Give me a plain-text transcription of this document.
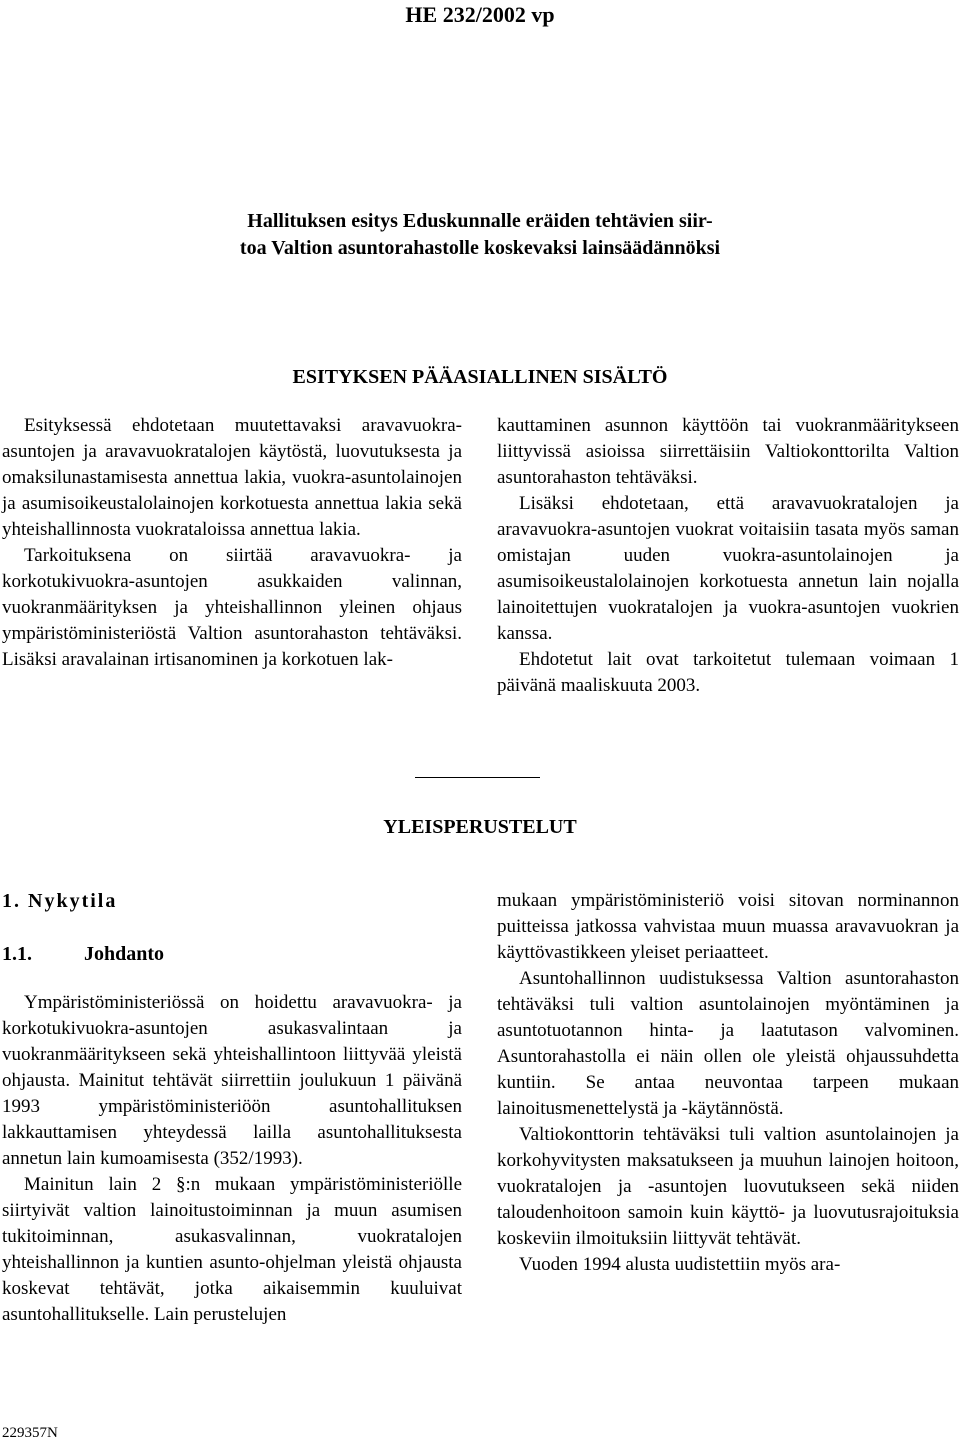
HE 232/2002 vp
Hallituksen esitys Eduskunnalle eräiden tehtävien siir-
toa Valtion asuntorahastolle koskevaksi lainsäädännöksi
ESITYKSEN PÄÄASIALLINEN SISÄLTÖ

Esityksessä ehdotetaan muutettavaksi aravavuokra-asuntojen ja aravavuokratalojen käytöstä, luovutuksesta ja omaksilunastamisesta annettua lakia, vuokra-asuntolainojen ja asumisoikeustalolainojen korkotuesta annettua lakia sekä yhteishallinnosta vuokrataloissa annettua lakia.

Tarkoituksena on siirtää aravavuokra- ja korkotukivuokra-asuntojen asukkaiden valinnan, vuokranmäärityksen ja yhteishallinnon yleinen ohjaus ympäristöministeriöstä Valtion asuntorahaston tehtäväksi. Lisäksi aravalainan irtisanominen ja korkotuen lak-

kauttaminen asunnon käyttöön tai vuokranmääritykseen liittyvissä asioissa siirrettäisiin Valtiokonttorilta Valtion asuntorahaston tehtäväksi.

Lisäksi ehdotetaan, että aravavuokratalojen ja aravavuokra-asuntojen vuokrat voitaisiin tasata myös saman omistajan uuden vuokra-asuntolainojen ja asumisoikeustalolainojen korkotuesta annetun lain nojalla lainoitettujen vuokratalojen ja vuokra-asuntojen vuokrien kanssa.

Ehdotetut lait ovat tarkoitetut tulemaan voimaan 1 päivänä maaliskuuta 2003.

YLEISPERUSTELUT
1. Nykytila
1.1.	Johdanto

Ympäristöministeriössä on hoidettu aravavuokra- ja korkotukivuokra-asuntojen asukasvalintaan ja vuokranmääritykseen sekä yhteishallintoon liittyvää yleistä ohjausta. Mainitut tehtävät siirrettiin joulukuun 1 päivänä 1993 ympäristöministeriöön asuntohallituksen lakkauttamisen yhteydessä lailla asuntohallituksesta annetun lain kumoamisesta (352/1993).

Mainitun lain 2 §:n mukaan ympäristöministeriölle siirtyivät valtion lainoitustoiminnan ja muun asumisen tukitoiminnan, asukasvalinnan, vuokratalojen yhteishallinnon ja kuntien asunto-ohjelman yleistä ohjausta koskevat tehtävät, jotka aikaisemmin kuuluivat asuntohallitukselle. Lain perustelujen

mukaan ympäristöministeriö voisi sitovan norminannon puitteissa jatkossa vahvistaa muun muassa aravavuokran ja käyttövastikkeen yleiset periaatteet.

Asuntohallinnon uudistuksessa Valtion asuntorahaston tehtäväksi tuli valtion asuntolainojen myöntäminen ja asuntotuotannon hinta- ja laatutason valvominen. Asuntorahastolla ei näin ollen ole yleistä ohjaussuhdetta kuntiin. Se antaa neuvontaa tarpeen mukaan lainoitusmenettelystä ja -käytännöstä.

Valtiokonttorin tehtäväksi tuli valtion asuntolainojen ja korkohyvitysten maksatukseen ja muuhun lainojen hoitoon, vuokratalojen ja -asuntojen luovutukseen sekä niiden taloudenhoitoon samoin kuin käyttö- ja luovutusrajoituksia koskeviin ilmoituksiin liittyvät tehtävät.

Vuoden 1994 alusta uudistettiin myös ara-

229357N
